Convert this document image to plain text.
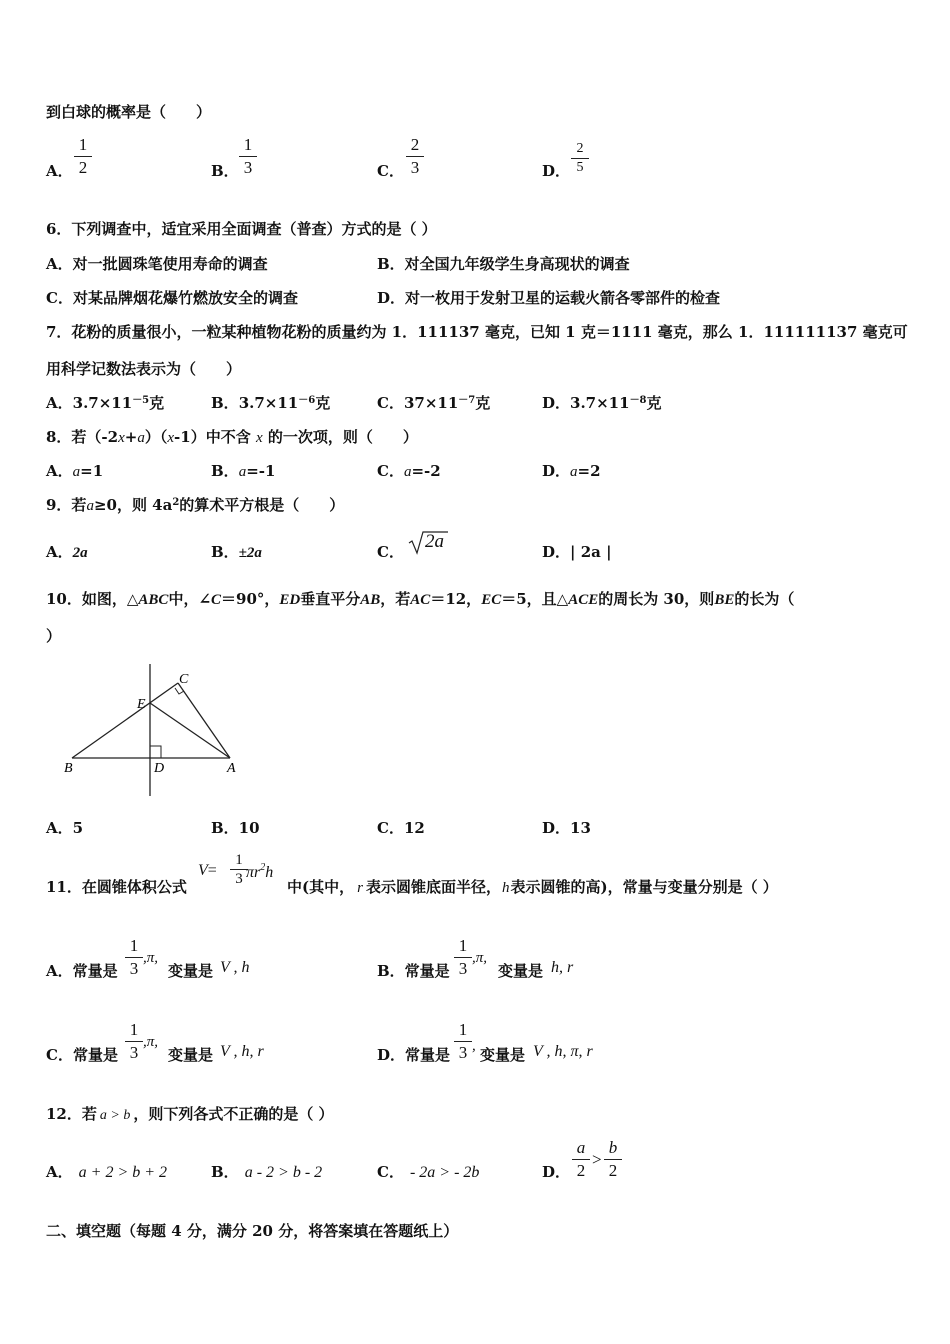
到白球的概率是（　　）
A．
1
2	B．
1
3	C．
2
3	D．
2
5
6．下列调查中，适宜采用全面调查（普查）方式的是（ ）
A．对一批圆珠笔使用寿命的调查	B．对全国九年级学生身高现状的调查
C．对某品牌烟花爆竹燃放安全的调查	D．对一枚用于发射卫星的运载火箭各零部件的检查
7．花粉的质量很小，一粒某种植物花粉的质量约为 1．111137 毫克，已知 1 克＝1111 毫克，那么 1．111111137 毫克可
用科学记数法表示为（　　）
A．$3.7\times 11^{-5}$克	B．$3.7\times 11^{-6}$克	C．$37\times 11^{-7}$克	D．$3.7\times 11^{-8}$克
8．若（-2x+a）（x-1）中不含 x 的一次项，则（　　）
A．a=1	B．a=-1	C．a=-2	D．a=2
9．若a≥0，则 $4a^2$的算术平方根是（　　）
A．2a	B．±2a	C．	2a	D．| 2a |
10．如图，△ABC中，∠C＝90°，ED垂直平分AB，若AC＝12，EC＝5，且△ACE的周长为 30，则BE的长为（
）
B	D	A
E
C
A．5	B．10	C．12	D．13
11．在圆锥体积公式
V=
1
3 $\pi r^2h$
中(其中， r 表示圆锥底面半径，h表示圆锥的高)，常量与变量分别是（ ）
A．常量是
1
3
,π,
变量是 V , h	B．常量是
1
3
,π,
变量是 h, r
C．常量是
1
3
,π,
变量是 V , h, r	D．常量是
1
3 , 变量是 V , h, π, r
12．若 a > b ，则下列各式不正确的是（ ）
A． a + 2 > b + 2	B． a - 2 > b - 2	C． - 2a > - 2b	D．
a
2
>
b
2
二、填空题（每题 4 分，满分 20 分，将答案填在答题纸上）
